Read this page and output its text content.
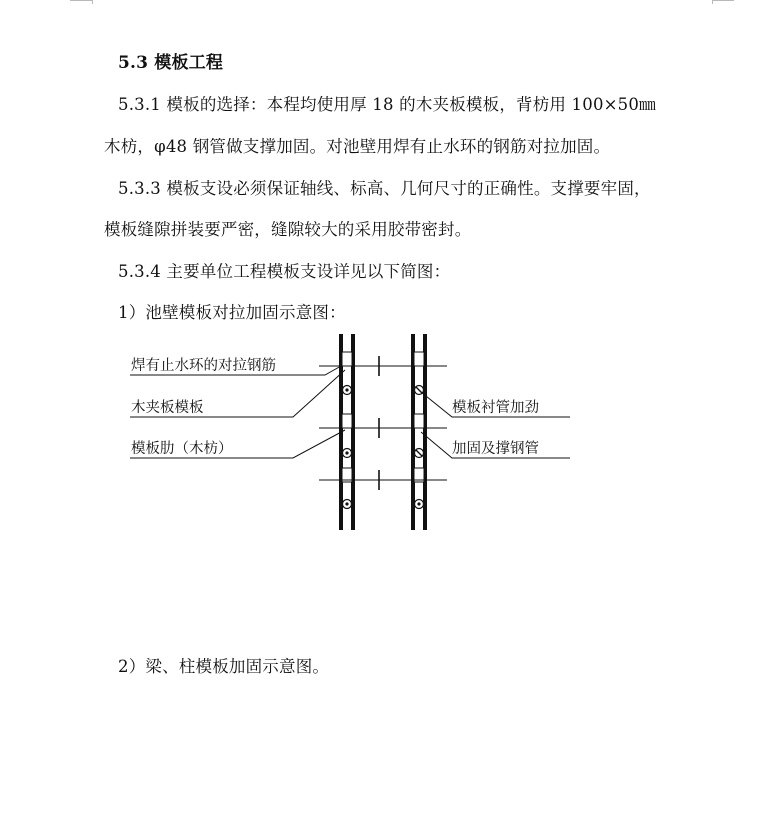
5.3 模板工程
5.3.1 模板的选择：本程均使用厚 18 的木夹板模板，背枋用 100×50㎜
木枋，φ48 钢管做支撑加固。对池壁用焊有止水环的钢筋对拉加固。
5.3.3 模板支设必须保证轴线、标高、几何尺寸的正确性。支撑要牢固，
模板缝隙拼装要严密，缝隙较大的采用胶带密封。
5.3.4 主要单位工程模板支设详见以下简图：
1）池壁模板对拉加固示意图：
2）梁、柱模板加固示意图。
焊有止水环的对拉钢筋
木夹板模板
模板肋（木枋）
模板衬管加劲
加固及撑钢管
